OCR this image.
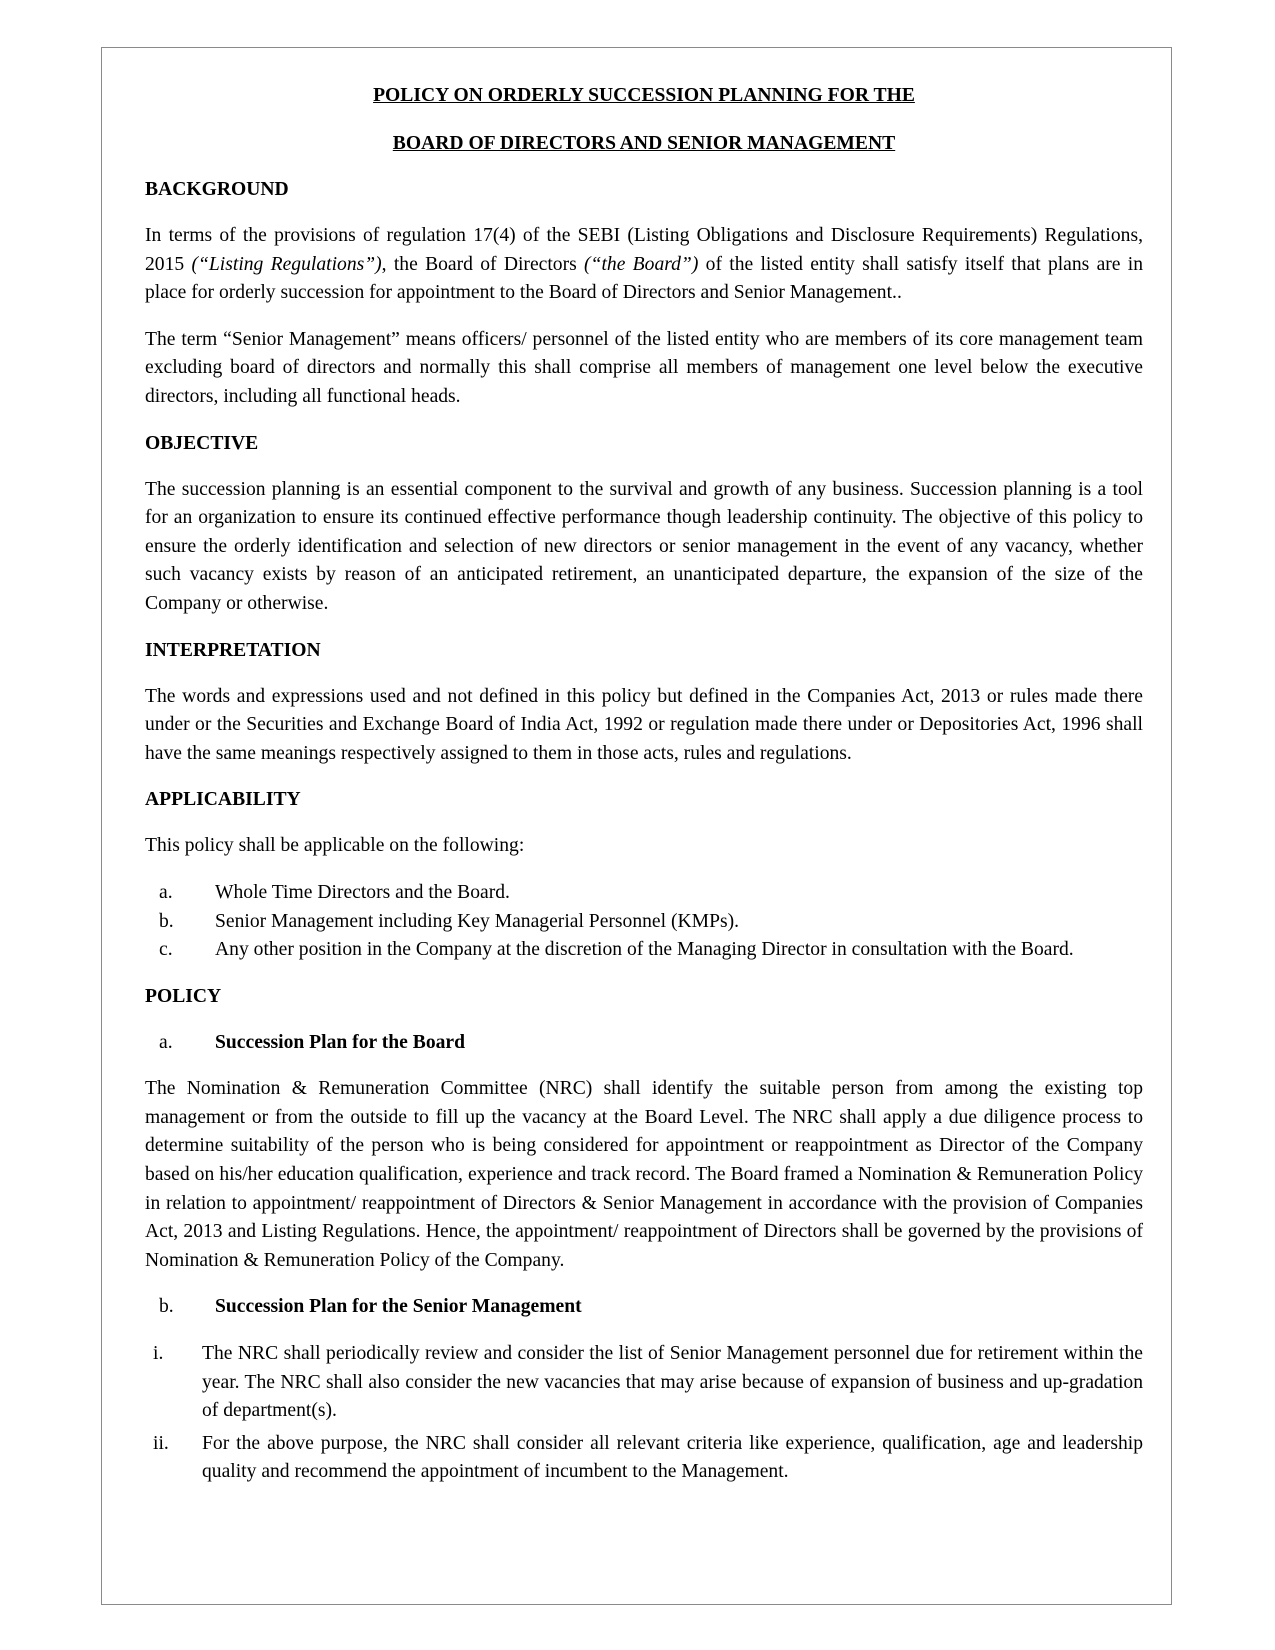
POLICY ON ORDERLY SUCCESSION PLANNING FOR THE
BOARD OF DIRECTORS AND SENIOR MANAGEMENT
BACKGROUND

In terms of the provisions of regulation 17(4) of the SEBI (Listing Obligations and Disclosure Requirements) Regulations, 2015 (“Listing Regulations”), the Board of Directors (“the Board”) of the listed entity shall satisfy itself that plans are in place for orderly succession for appointment to the Board of Directors and Senior Management..

The term “Senior Management” means officers/ personnel of the listed entity who are members of its core management team excluding board of directors and normally this shall comprise all members of management one level below the executive directors, including all functional heads.

OBJECTIVE

The succession planning is an essential component to the survival and growth of any business. Succession planning is a tool for an organization to ensure its continued effective performance though leadership continuity. The objective of this policy to ensure the orderly identification and selection of new directors or senior management in the event of any vacancy, whether such vacancy exists by reason of an anticipated retirement, an unanticipated departure, the expansion of the size of the Company or otherwise.

INTERPRETATION

The words and expressions used and not defined in this policy but defined in the Companies Act, 2013 or rules made there under or the Securities and Exchange Board of India Act, 1992 or regulation made there under or Depositories Act, 1996 shall have the same meanings respectively assigned to them in those acts, rules and regulations.

APPLICABILITY

This policy shall be applicable on the following:

a.	Whole Time Directors and the Board.
b.	Senior Management including Key Managerial Personnel (KMPs).
c.	Any other position in the Company at the discretion of the Managing Director in consultation with the Board.
POLICY
a.	Succession Plan for the Board

The Nomination & Remuneration Committee (NRC) shall identify the suitable person from among the existing top management or from the outside to fill up the vacancy at the Board Level. The NRC shall apply a due diligence process to determine suitability of the person who is being considered for appointment or reappointment as Director of the Company based on his/her education qualification, experience and track record. The Board framed a Nomination & Remuneration Policy in relation to appointment/ reappointment of Directors & Senior Management in accordance with the provision of Companies Act, 2013 and Listing Regulations. Hence, the appointment/ reappointment of Directors shall be governed by the provisions of Nomination & Remuneration Policy of the Company.

b.	Succession Plan for the Senior Management
i.	The NRC shall periodically review and consider the list of Senior Management personnel due for retirement within the year. The NRC shall also consider the new vacancies that may arise because of expansion of business and up-gradation of department(s).
ii.	For the above purpose, the NRC shall consider all relevant criteria like experience, qualification, age and leadership quality and recommend the appointment of incumbent to the Management.
